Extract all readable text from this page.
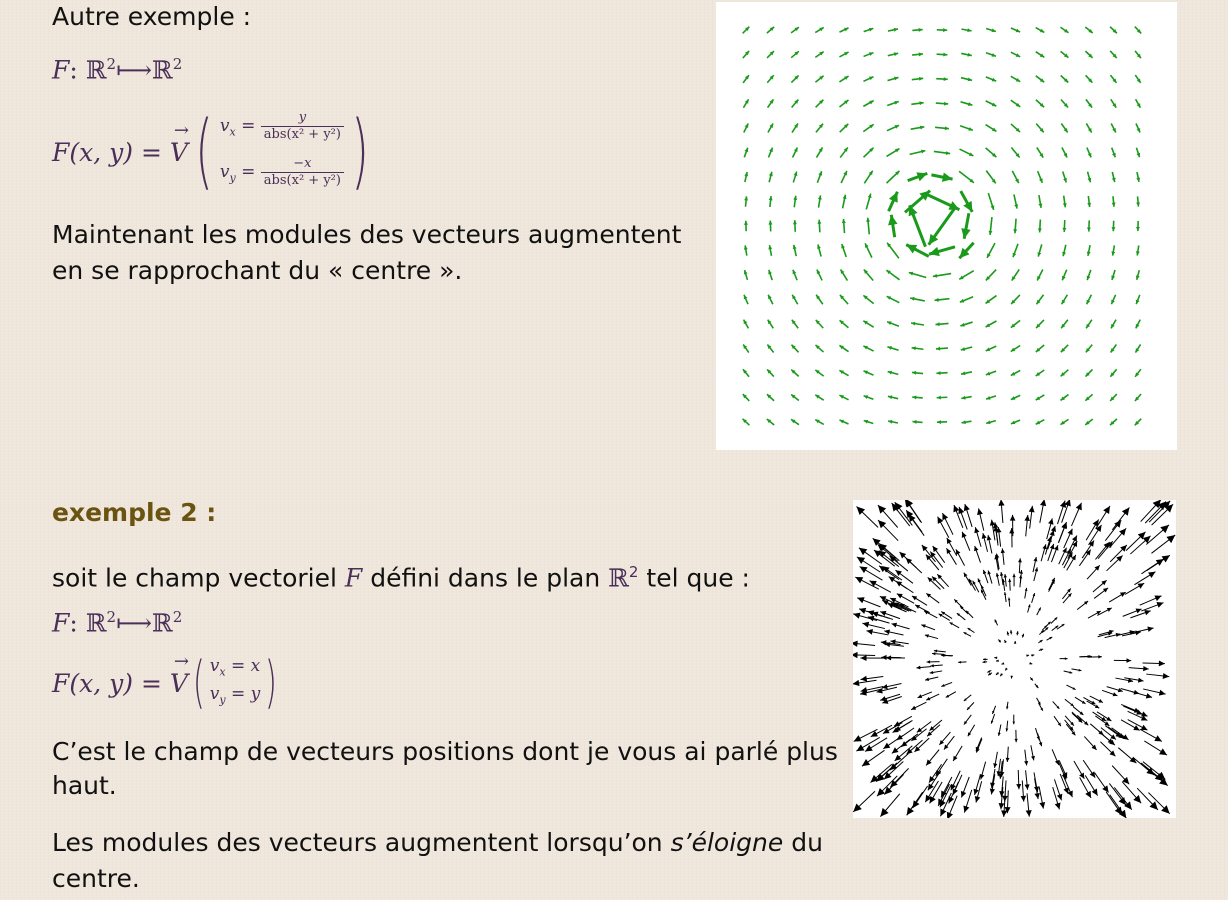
Autre exemple :

F: ℝ$^2$⟼ℝ$^2$
F(x, y) =
→
V( $v_x = \frac{y}{\text{abs(x² + y²)}}$
$v_y = \frac{-x}{\text{abs(x² + y²)}}$ )

Maintenant les modules des vecteurs augmentent

en se rapprochant du « centre ».

exemple 2 :

soit le champ vectoriel F défini dans le plan ℝ$^2$ tel que :

F: ℝ$^2$⟼ℝ$^2$
F(x, y) =
→
V( $v_x = x$
$v_y = y$ )

C’est le champ de vecteurs positions dont je vous ai parlé plus

haut.

Les modules des vecteurs augmentent lorsqu’on s’éloigne du

centre.
